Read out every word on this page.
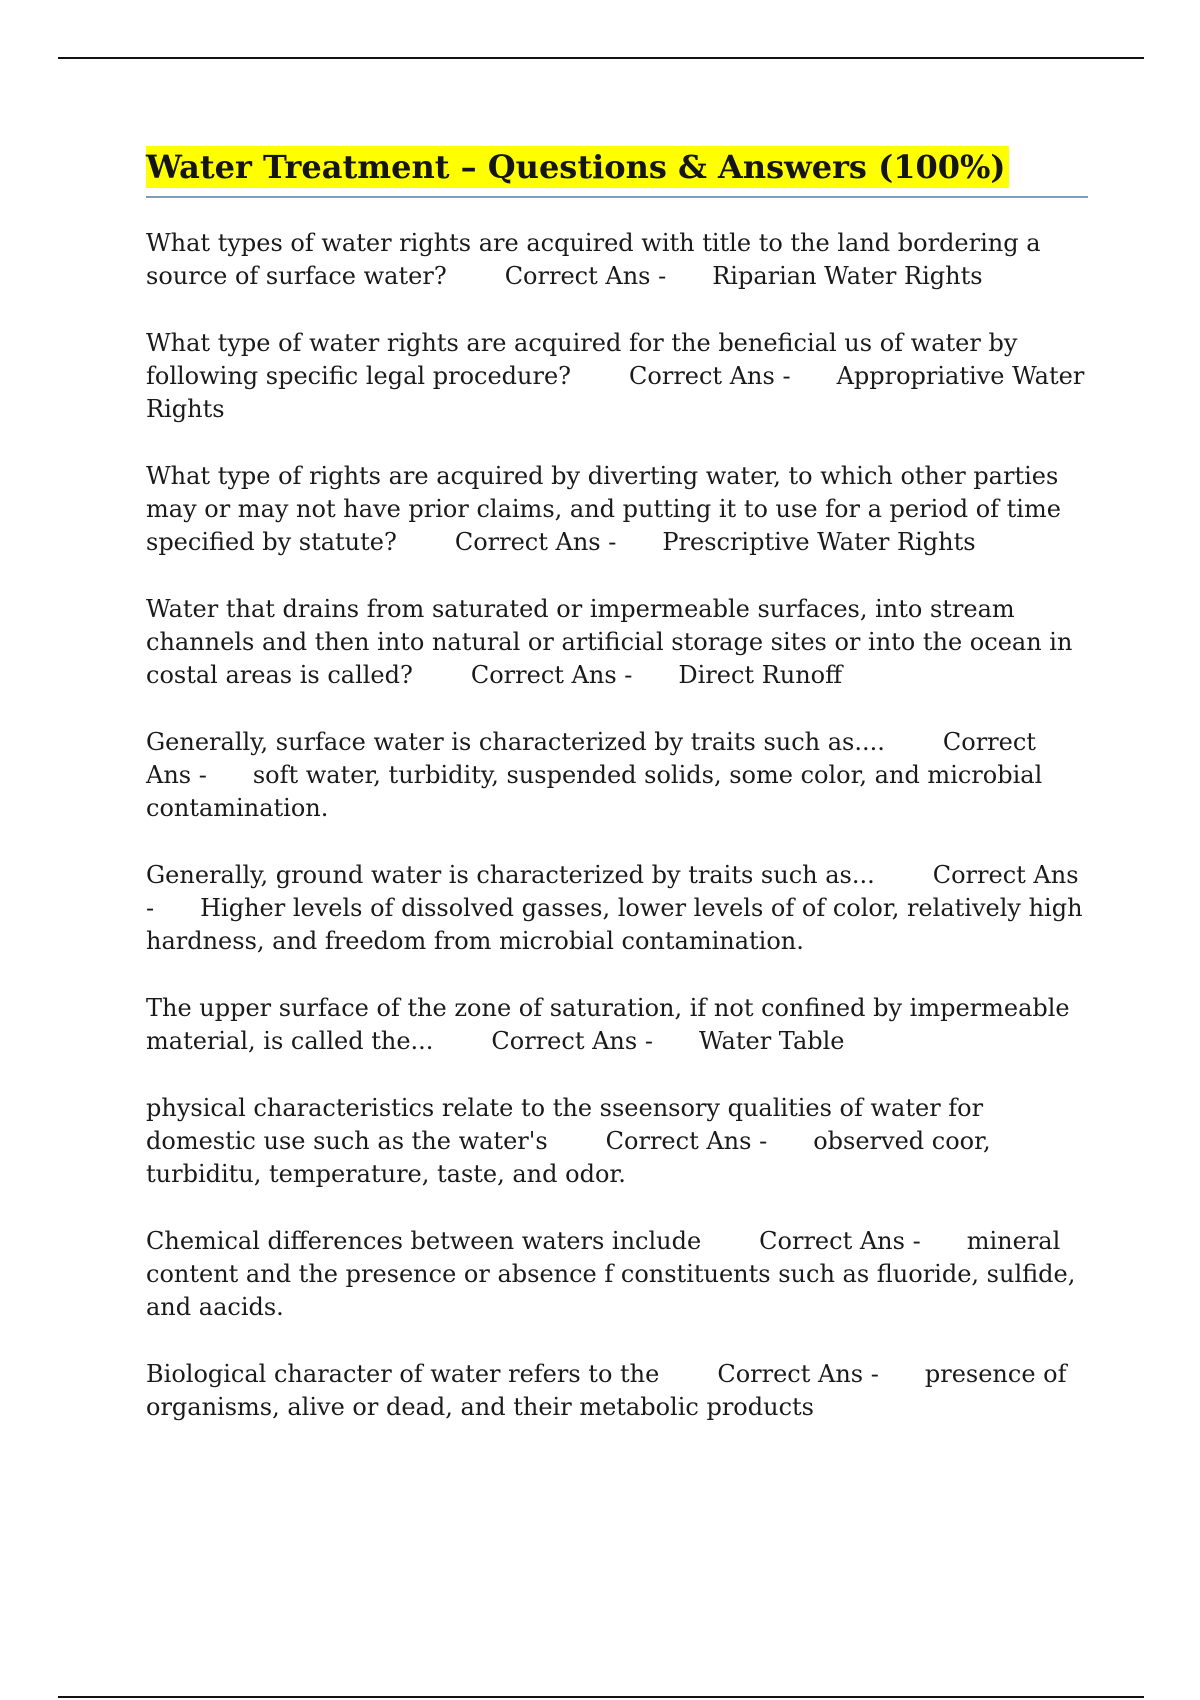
Water Treatment – Questions & Answers (100%)

What types of water rights are acquired with title to the land bordering a source of surface water? Correct Ans - Riparian Water Rights

What type of water rights are acquired for the beneficial us of water by following specific legal procedure? Correct Ans - Appropriative Water Rights

What type of rights are acquired by diverting water, to which other parties may or may not have prior claims, and putting it to use for a period of time specified by statute? Correct Ans - Prescriptive Water Rights

Water that drains from saturated or impermeable surfaces, into stream channels and then into natural or artificial storage sites or into the ocean in costal areas is called? Correct Ans - Direct Runoff

Generally, surface water is characterized by traits such as.... Correct Ans - soft water, turbidity, suspended solids, some color, and microbial contamination.

Generally, ground water is characterized by traits such as... Correct Ans - Higher levels of dissolved gasses, lower levels of of color, relatively high hardness, and freedom from microbial contamination.

The upper surface of the zone of saturation, if not confined by impermeable material, is called the... Correct Ans - Water Table

physical characteristics relate to the sseensory qualities of water for domestic use such as the water's Correct Ans - observed coor, turbiditu, temperature, taste, and odor.

Chemical differences between waters include Correct Ans - mineral content and the presence or absence f constituents such as fluoride, sulfide, and aacids.

Biological character of water refers to the Correct Ans - presence of organisms, alive or dead, and their metabolic products
